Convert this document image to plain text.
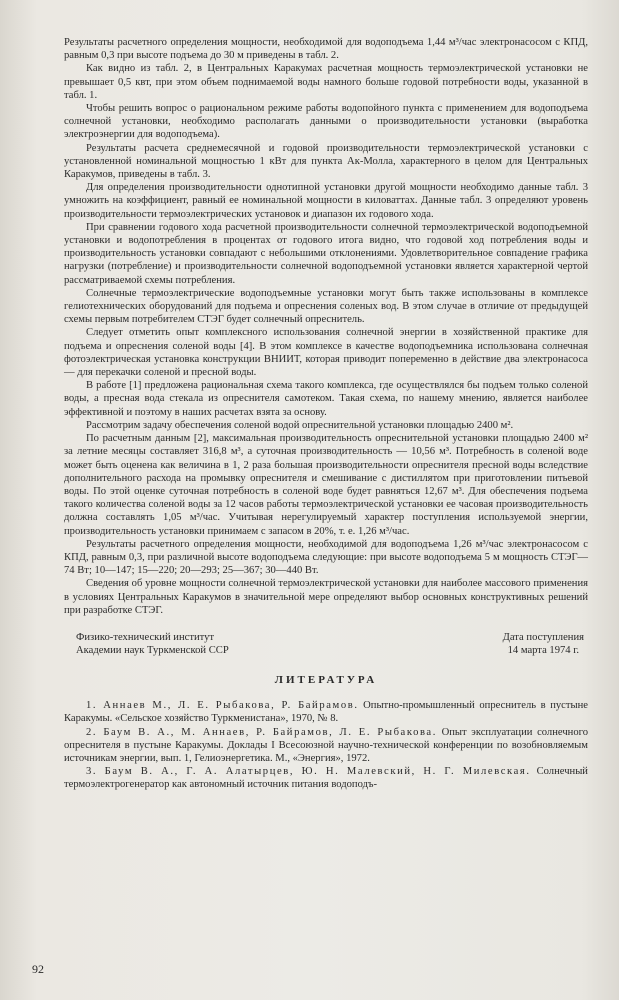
Результаты расчетного определения мощности, необходимой для водоподъема 1,44 м³/час электронасосом с КПД, равным 0,3 при высоте подъема до 30 м приведены в табл. 2.

Как видно из табл. 2, в Центральных Каракумах расчетная мощность термоэлектрической установки не превышает 0,5 квт, при этом объем поднимаемой воды намного больше годовой потребности воды, указанной в табл. 1.

Чтобы решить вопрос о рациональном режиме работы водопойного пункта с применением для водоподъема солнечной установки, необходимо располагать данными о производительности установки (выработка электроэнергии для водоподъема).

Результаты расчета среднемесячной и годовой производительности термоэлектрической установки с установленной номинальной мощностью 1 кВт для пункта Ак-Молла, характерного в целом для Центральных Каракумов, приведены в табл. 3.

Для определения производительности однотипной установки другой мощности необходимо данные табл. 3 умножить на коэффициент, равный ее номинальной мощности в киловаттах. Данные табл. 3 определяют уровень производительности термоэлектрических установок и диапазон их годового хода.

При сравнении годового хода расчетной производительности солнечной термоэлектрической водоподъемной установки и водопотребления в процентах от годового итога видно, что годовой ход потребления воды и производительность установки совпадают с небольшими отклонениями. Удовлетворительное совпадение графика нагрузки (потребление) и производительности солнечной водоподъемной установки является характерной чертой рассматриваемой схемы потребления.

Солнечные термоэлектрические водоподъемные установки могут быть также использованы в комплексе гелиотехнических оборудований для подъема и опреснения соленых вод. В этом случае в отличие от предыдущей схемы первым потребителем СТЭГ будет солнечный опреснитель.

Следует отметить опыт комплексного использования солнечной энергии в хозяйственной практике для подъема и опреснения соленой воды [4]. В этом комплексе в качестве водоподъемника использована солнечная фотоэлектрическая установка конструкции ВНИИТ, которая приводит попеременно в действие два электронасоса — для перекачки соленой и пресной воды.

В работе [1] предложена рациональная схема такого комплекса, где осуществлялся бы подъем только соленой воды, а пресная вода стекала из опреснителя самотеком. Такая схема, по нашему мнению, является наиболее эффективной и поэтому в наших расчетах взята за основу.

Рассмотрим задачу обеспечения соленой водой опреснительной установки площадью 2400 м².

По расчетным данным [2], максимальная производительность опреснительной установки площадью 2400 м² за летние месяцы составляет 316,8 м³, а суточная производительность — 10,56 м³. Потребность в соленой воде может быть оценена как величина в 1, 2 раза большая производительности опреснителя пресной воды вследствие дополнительного расхода на промывку опреснителя и смешивание с дистиллятом при приготовлении питьевой воды. По этой оценке суточная потребность в соленой воде будет равняться 12,67 м³. Для обеспечения подъема такого количества соленой воды за 12 часов работы термоэлектрической установки ее часовая производительность должна составлять 1,05 м³/час. Учитывая нерегулируемый характер поступления используемой энергии, производительность установки принимаем с запасом в 20%, т. е. 1,26 м³/час.

Результаты расчетного определения мощности, необходимой для водоподъема 1,26 м³/час электронасосом с КПД, равным 0,3, при различной высоте водоподъема следующие: при высоте водоподъема 5 м мощность СТЭГ—74 Вт; 10—147; 15—220; 20—293; 25—367; 30—440 Вт.

Сведения об уровне мощности солнечной термоэлектрической установки для наиболее массового применения в условиях Центральных Каракумов в значительной мере определяют выбор основных конструктивных решений при разработке СТЭГ.

Физико-технический институт
Академии наук Туркменской ССР
Дата поступления
14 марта 1974 г.
ЛИТЕРАТУРА

1. Аннаев М., Л. Е. Рыбакова, Р. Байрамов. Опытно-промышленный опреснитель в пустыне Каракумы. «Сельское хозяйство Туркменистана», 1970, № 8.

2. Баум В. А., М. Аннаев, Р. Байрамов, Л. Е. Рыбакова. Опыт эксплуатации солнечного опреснителя в пустыне Каракумы. Доклады I Всесоюзной научно-технической конференции по возобновляемым источникам энергии, вып. 1, Гелиоэнергетика. М., «Энергия», 1972.

3. Баум В. А., Г. А. Алатырцев, Ю. Н. Малевский, Н. Г. Милевская. Солнечный термоэлектрогенератор как автономный источник питания водоподъ-

92
